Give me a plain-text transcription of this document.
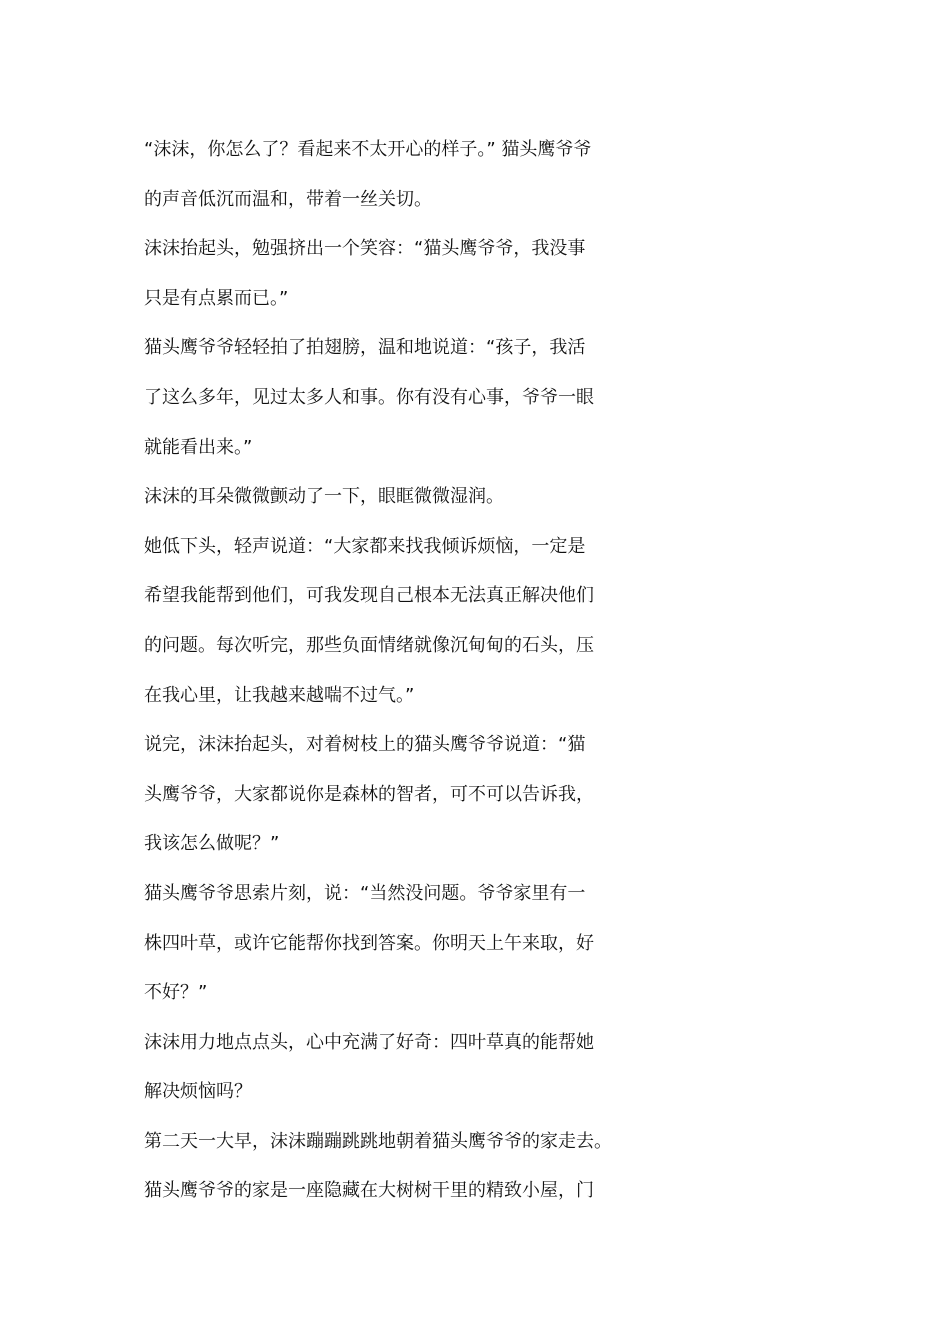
“沫沫，你怎么了？看起来不太开心的样子。” 猫头鹰爷爷
的声音低沉而温和，带着一丝关切。
沫沫抬起头，勉强挤出一个笑容：“猫头鹰爷爷，我没事
只是有点累而已。”
猫头鹰爷爷轻轻拍了拍翅膀，温和地说道：“孩子，我活
了这么多年，见过太多人和事。你有没有心事，爷爷一眼
就能看出来。”
沫沫的耳朵微微颤动了一下，眼眶微微湿润。
她低下头，轻声说道：“大家都来找我倾诉烦恼，一定是
希望我能帮到他们，可我发现自己根本无法真正解决他们
的问题。每次听完，那些负面情绪就像沉甸甸的石头，压
在我心里，让我越来越喘不过气。”
说完，沫沫抬起头，对着树枝上的猫头鹰爷爷说道：“猫
头鹰爷爷，大家都说你是森林的智者，可不可以告诉我，
我该怎么做呢？”
猫头鹰爷爷思索片刻，说：“当然没问题。爷爷家里有一
株四叶草，或许它能帮你找到答案。你明天上午来取，好
不好？”
沫沫用力地点点头，心中充满了好奇：四叶草真的能帮她
解决烦恼吗？
第二天一大早，沫沫蹦蹦跳跳地朝着猫头鹰爷爷的家走去。
猫头鹰爷爷的家是一座隐藏在大树树干里的精致小屋，门
